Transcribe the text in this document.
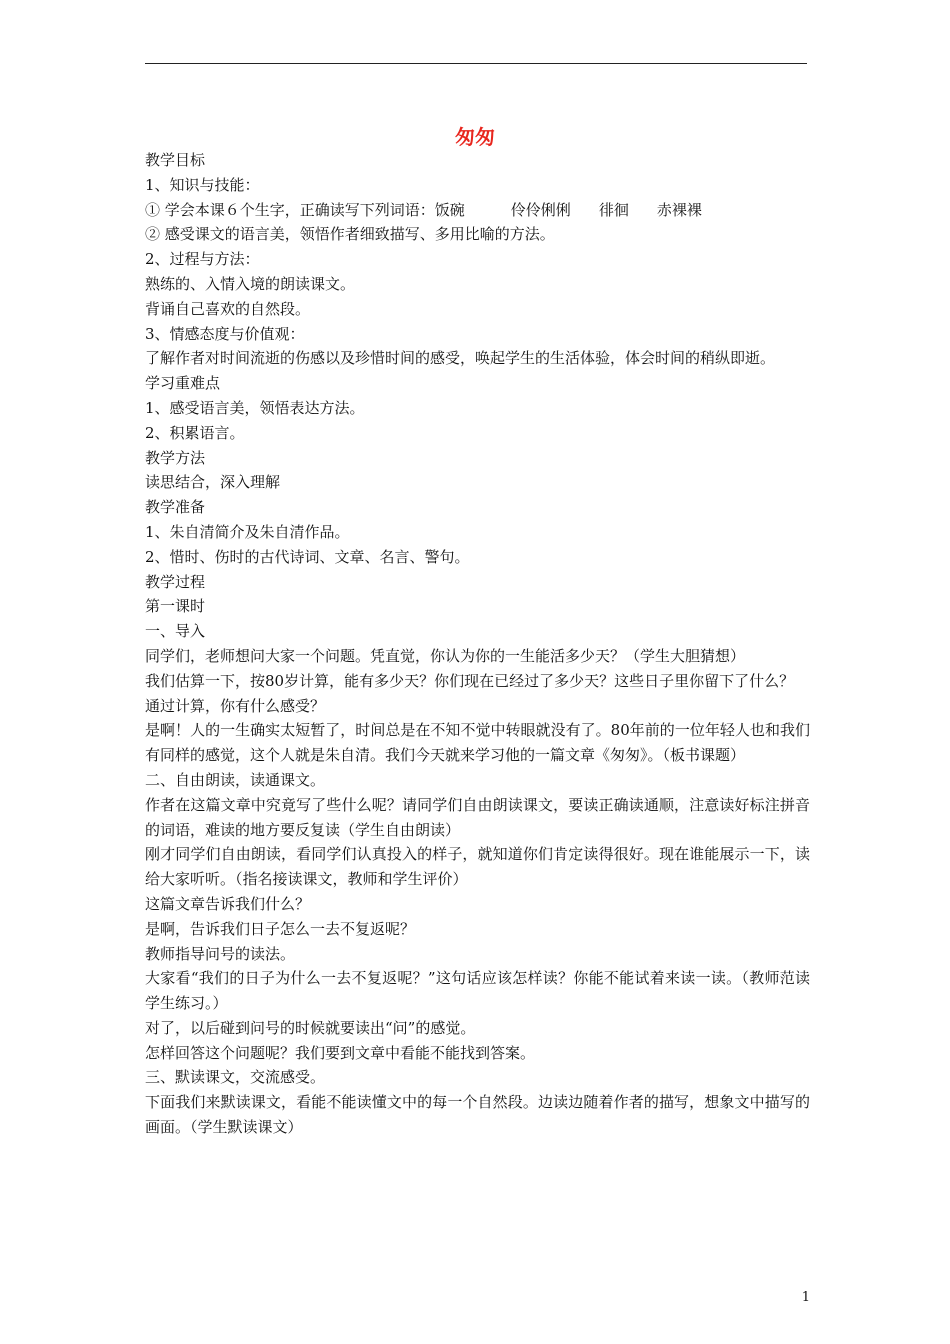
匆匆

教学目标

1、知识与技能：

① 学会本课６个生字，正确读写下列词语：饭碗	伶伶俐俐 徘徊 赤裸裸

② 感受课文的语言美，领悟作者细致描写、多用比喻的方法。

2、过程与方法：

熟练的、入情入境的朗读课文。

背诵自己喜欢的自然段。

3、情感态度与价值观：

了解作者对时间流逝的伤感以及珍惜时间的感受，唤起学生的生活体验，体会时间的稍纵即逝。

学习重难点

1、感受语言美，领悟表达方法。

2、积累语言。

教学方法

读思结合，深入理解

教学准备

1、朱自清简介及朱自清作品。

2、惜时、伤时的古代诗词、文章、名言、警句。

教学过程

第一课时

一、导入

同学们，老师想问大家一个问题。凭直觉，你认为你的一生能活多少天？（学生大胆猜想）

我们估算一下，按80岁计算，能有多少天？你们现在已经过了多少天？这些日子里你留下了什么？

通过计算，你有什么感受？

是啊！人的一生确实太短暂了，时间总是在不知不觉中转眼就没有了。80年前的一位年轻人也和我们有同样的感觉，这个人就是朱自清。我们今天就来学习他的一篇文章《匆匆》。（板书课题）

二、自由朗读，读通课文。

作者在这篇文章中究竟写了些什么呢？请同学们自由朗读课文，要读正确读通顺，注意读好标注拼音的词语，难读的地方要反复读（学生自由朗读）

刚才同学们自由朗读，看同学们认真投入的样子，就知道你们肯定读得很好。现在谁能展示一下，读给大家听听。（指名接读课文，教师和学生评价）

这篇文章告诉我们什么？

是啊，告诉我们日子怎么一去不复返呢？

教师指导问号的读法。

大家看“我们的日子为什么一去不复返呢？”这句话应该怎样读？你能不能试着来读一读。（教师范读 学生练习。）

对了，以后碰到问号的时候就要读出“问”的感觉。

怎样回答这个问题呢？我们要到文章中看能不能找到答案。

三、默读课文，交流感受。

下面我们来默读课文，看能不能读懂文中的每一个自然段。边读边随着作者的描写，想象文中描写的画面。（学生默读课文）

1
